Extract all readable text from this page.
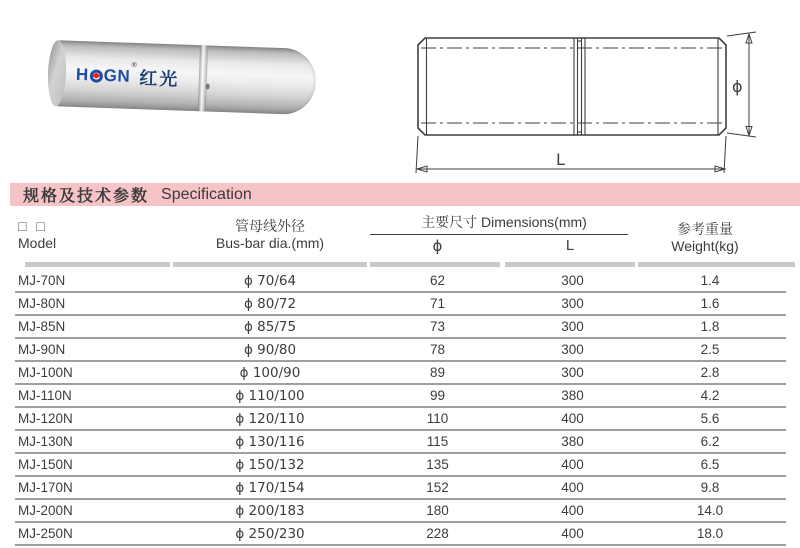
H GN
®
红光	ϕ
L
规格及技术参数 Specification
□ □
Model
管母线外径
Bus-bar dia.(mm)
主要尺寸 Dimensions(mm)
ϕ	L
参考重量
Weight(kg)
MJ-70N	ϕ 70/64	62	300	1.4
MJ-80N	ϕ 80/72	71	300	1.6
MJ-85N	ϕ 85/75	73	300	1.8
MJ-90N	ϕ 90/80	78	300	2.5
MJ-100N	ϕ 100/90	89	300	2.8
MJ-110N	ϕ 110/100	99	380	4.2
MJ-120N	ϕ 120/110	110	400	5.6
MJ-130N	ϕ 130/116	115	380	6.2
MJ-150N	ϕ 150/132	135	400	6.5
MJ-170N	ϕ 170/154	152	400	9.8
MJ-200N	ϕ 200/183	180	400	14.0
MJ-250N	ϕ 250/230	228	400	18.0
